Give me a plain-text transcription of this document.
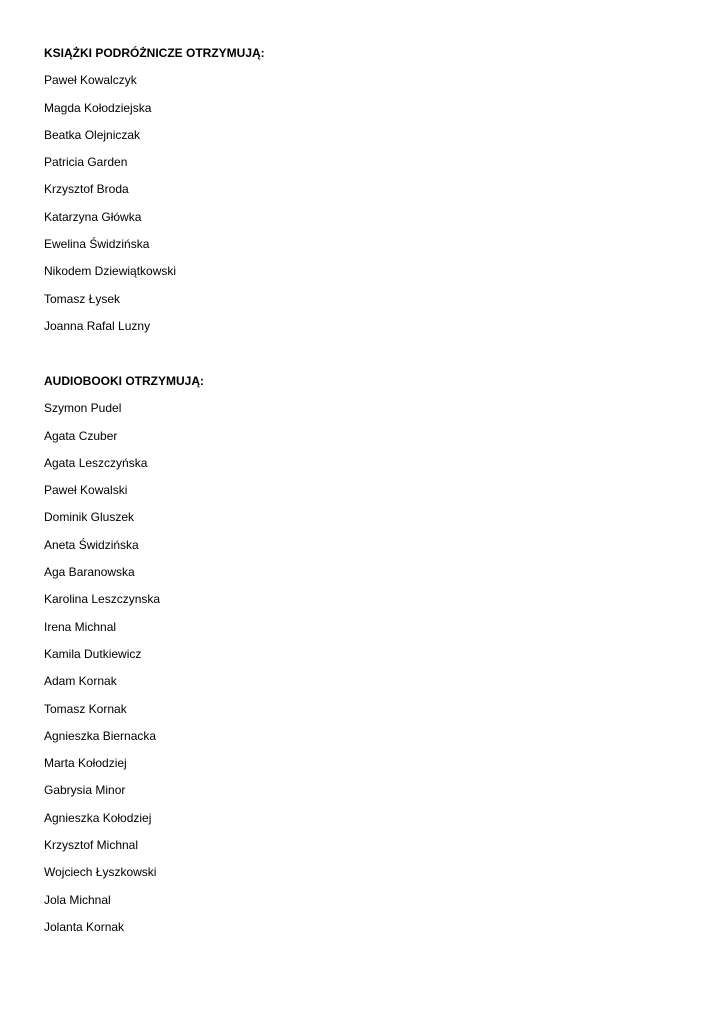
KSIĄŻKI PODRÓŻNICZE OTRZYMUJĄ:

Paweł Kowalczyk
Magda Kołodziejska
Beatka Olejniczak
Patricia Garden
Krzysztof Broda
Katarzyna Główka
Ewelina Świdzińska
Nikodem Dziewiątkowski
Tomasz Łysek
Joanna Rafal Luzny

AUDIOBOOKI OTRZYMUJĄ:

Szymon Pudel
Agata Czuber
Agata Leszczyńska
Paweł Kowalski
Dominik Gluszek
Aneta Świdzińska
Aga Baranowska
Karolina Leszczynska
Irena Michnal
Kamila Dutkiewicz
Adam Kornak
Tomasz Kornak
Agnieszka Biernacka
Marta Kołodziej
Gabrysia Minor
Agnieszka Kołodziej
Krzysztof Michnal
Wojciech Łyszkowski
Jola Michnal
Jolanta Kornak
